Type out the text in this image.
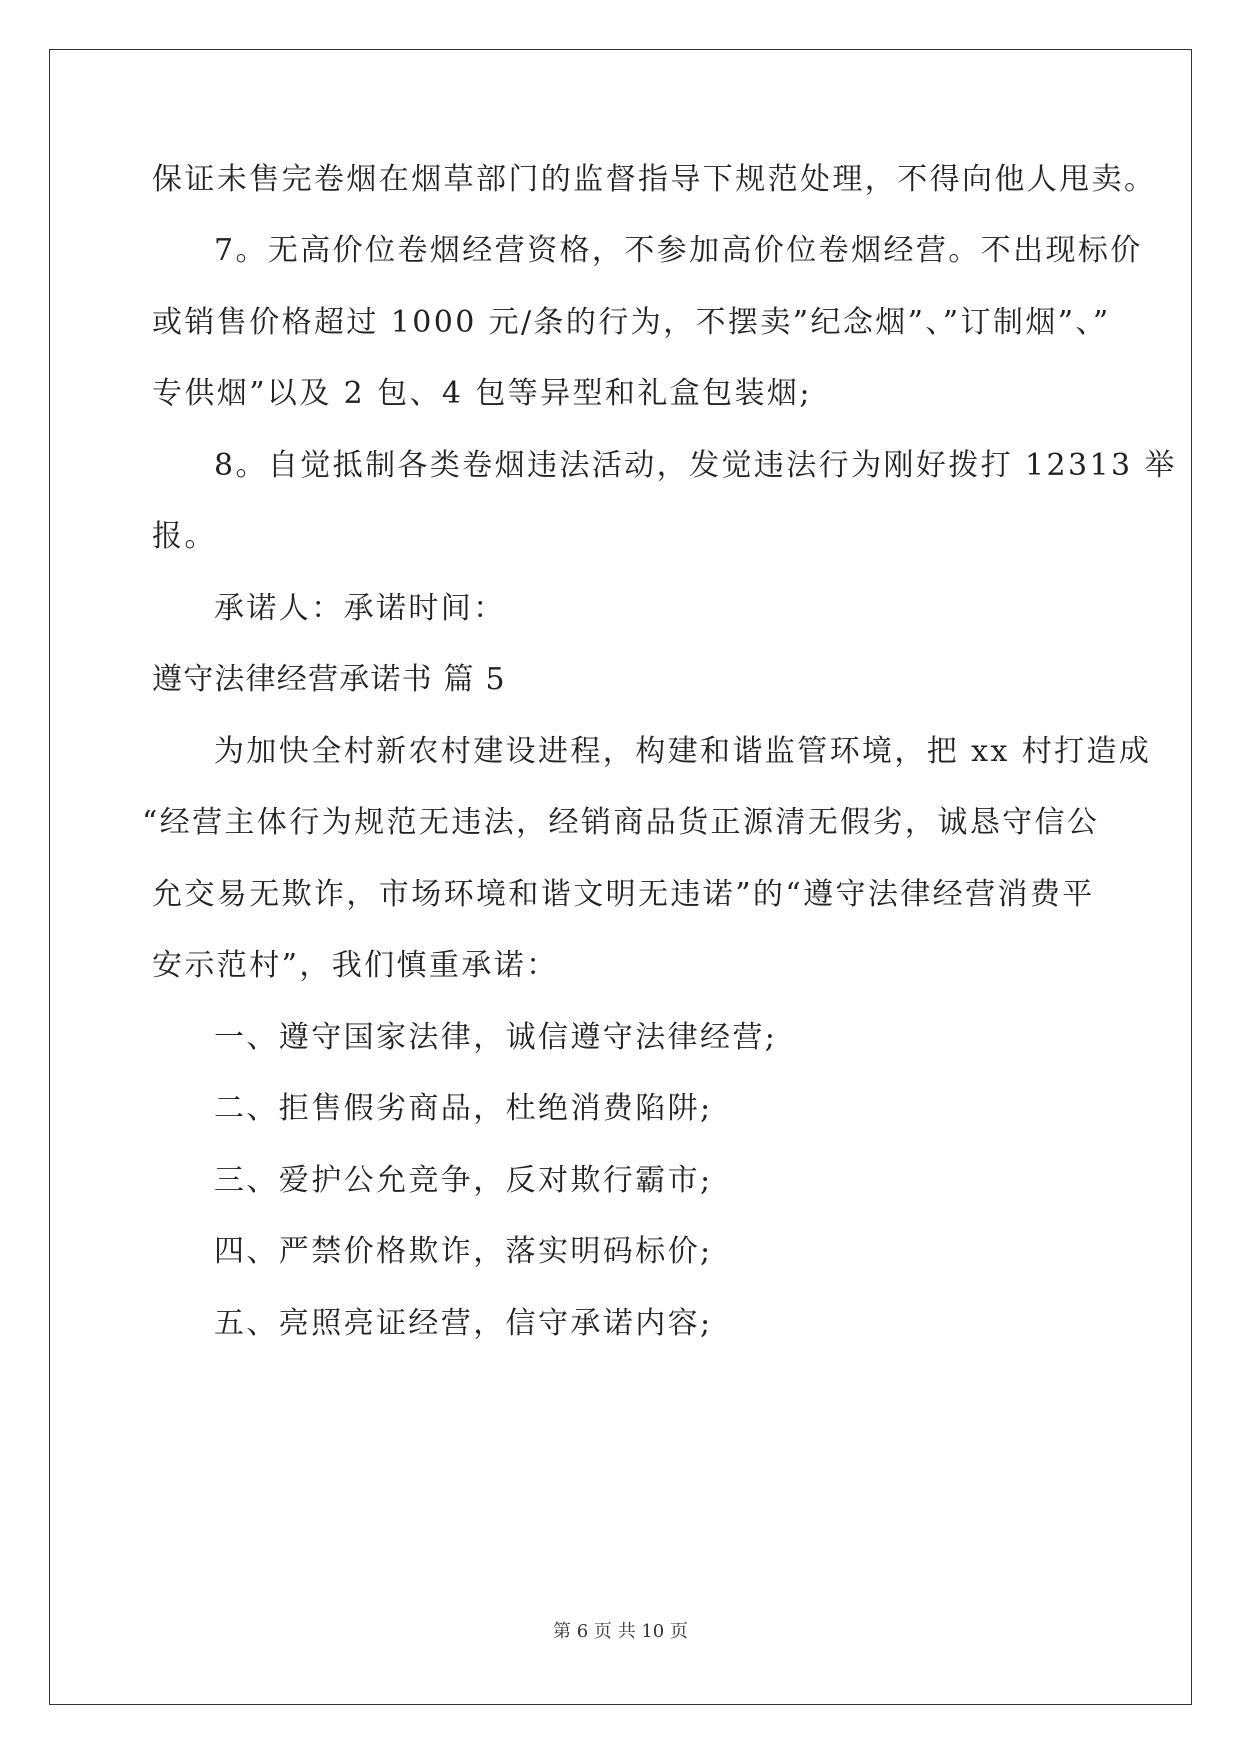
保证未售完卷烟在烟草部门的监督指导下规范处理，不得向他人甩卖。
7。无高价位卷烟经营资格，不参加高价位卷烟经营。不出现标价
或销售价格超过 1000 元/条的行为，不摆卖”纪念烟”、”订制烟”、”
专供烟”以及 2 包、4 包等异型和礼盒包装烟;
8。自觉抵制各类卷烟违法活动，发觉违法行为刚好拨打 12313 举
报。
承诺人：承诺时间：
遵守法律经营承诺书 篇 5
为加快全村新农村建设进程，构建和谐监管环境，把 xx 村打造成
“经营主体行为规范无违法，经销商品货正源清无假劣，诚恳守信公
允交易无欺诈，市场环境和谐文明无违诺”的“遵守法律经营消费平
安示范村”，我们慎重承诺：
一、遵守国家法律，诚信遵守法律经营;
二、拒售假劣商品，杜绝消费陷阱;
三、爱护公允竞争，反对欺行霸市;
四、严禁价格欺诈，落实明码标价;
五、亮照亮证经营，信守承诺内容;
第 6 页 共 10 页
